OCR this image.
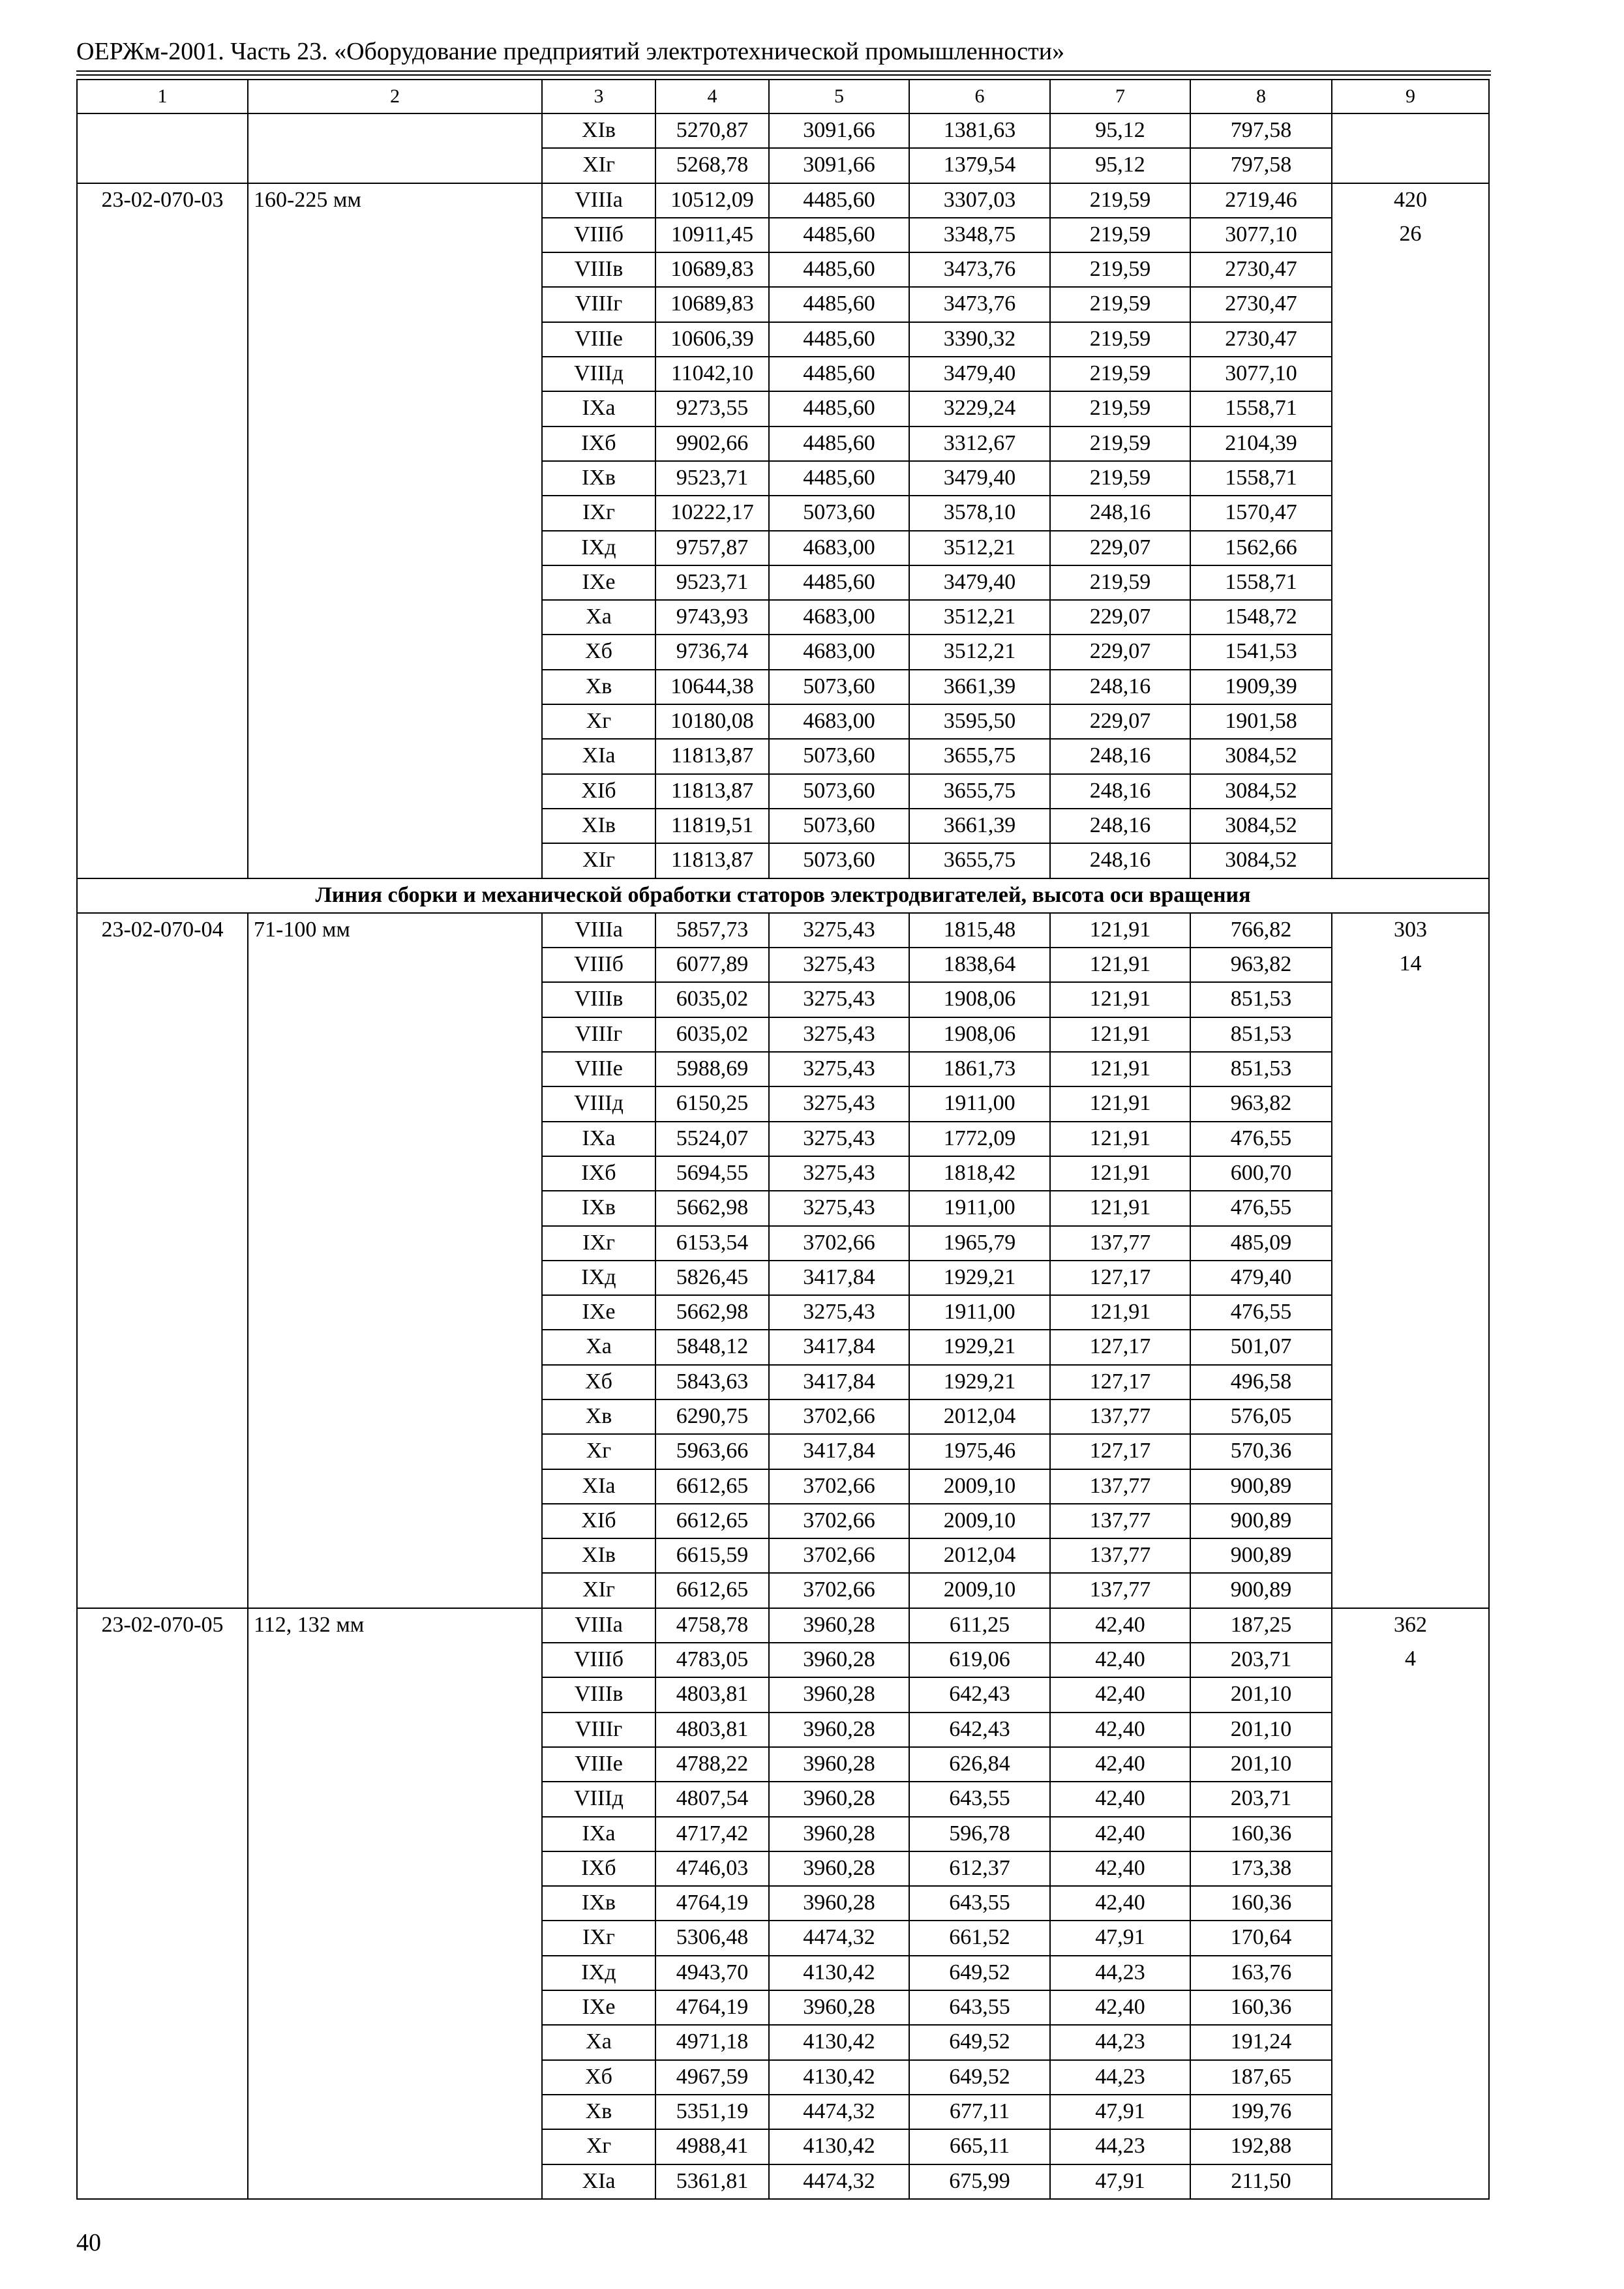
ОЕРЖм-2001. Часть 23. «Оборудование предприятий электротехнической промышленности»
1	2	3	4	5	6	7	8	9
		XIв	5270,87	3091,66	1381,63	95,12	797,58	
		XIг	5268,78	3091,66	1379,54	95,12	797,58	
23-02-070-03	160-225 мм	VIIIа	10512,09	4485,60	3307,03	219,59	2719,46	420
		VIIIб	10911,45	4485,60	3348,75	219,59	3077,10	26
		VIIIв	10689,83	4485,60	3473,76	219,59	2730,47	
		VIIIг	10689,83	4485,60	3473,76	219,59	2730,47	
		VIIIе	10606,39	4485,60	3390,32	219,59	2730,47	
		VIIIд	11042,10	4485,60	3479,40	219,59	3077,10	
		IXа	9273,55	4485,60	3229,24	219,59	1558,71	
		IXб	9902,66	4485,60	3312,67	219,59	2104,39	
		IXв	9523,71	4485,60	3479,40	219,59	1558,71	
		IXг	10222,17	5073,60	3578,10	248,16	1570,47	
		IXд	9757,87	4683,00	3512,21	229,07	1562,66	
		IXе	9523,71	4485,60	3479,40	219,59	1558,71	
		Xа	9743,93	4683,00	3512,21	229,07	1548,72	
		Xб	9736,74	4683,00	3512,21	229,07	1541,53	
		Xв	10644,38	5073,60	3661,39	248,16	1909,39	
		Xг	10180,08	4683,00	3595,50	229,07	1901,58	
		XIа	11813,87	5073,60	3655,75	248,16	3084,52	
		XIб	11813,87	5073,60	3655,75	248,16	3084,52	
		XIв	11819,51	5073,60	3661,39	248,16	3084,52	
		XIг	11813,87	5073,60	3655,75	248,16	3084,52	
Линия сборки и механической обработки статоров электродвигателей, высота оси вращения								
23-02-070-04	71-100 мм	VIIIа	5857,73	3275,43	1815,48	121,91	766,82	303
		VIIIб	6077,89	3275,43	1838,64	121,91	963,82	14
		VIIIв	6035,02	3275,43	1908,06	121,91	851,53	
		VIIIг	6035,02	3275,43	1908,06	121,91	851,53	
		VIIIе	5988,69	3275,43	1861,73	121,91	851,53	
		VIIIд	6150,25	3275,43	1911,00	121,91	963,82	
		IXа	5524,07	3275,43	1772,09	121,91	476,55	
		IXб	5694,55	3275,43	1818,42	121,91	600,70	
		IXв	5662,98	3275,43	1911,00	121,91	476,55	
		IXг	6153,54	3702,66	1965,79	137,77	485,09	
		IXд	5826,45	3417,84	1929,21	127,17	479,40	
		IXе	5662,98	3275,43	1911,00	121,91	476,55	
		Xа	5848,12	3417,84	1929,21	127,17	501,07	
		Xб	5843,63	3417,84	1929,21	127,17	496,58	
		Xв	6290,75	3702,66	2012,04	137,77	576,05	
		Xг	5963,66	3417,84	1975,46	127,17	570,36	
		XIа	6612,65	3702,66	2009,10	137,77	900,89	
		XIб	6612,65	3702,66	2009,10	137,77	900,89	
		XIв	6615,59	3702,66	2012,04	137,77	900,89	
		XIг	6612,65	3702,66	2009,10	137,77	900,89	
23-02-070-05	112, 132 мм	VIIIа	4758,78	3960,28	611,25	42,40	187,25	362
		VIIIб	4783,05	3960,28	619,06	42,40	203,71	4
		VIIIв	4803,81	3960,28	642,43	42,40	201,10	
		VIIIг	4803,81	3960,28	642,43	42,40	201,10	
		VIIIе	4788,22	3960,28	626,84	42,40	201,10	
		VIIIд	4807,54	3960,28	643,55	42,40	203,71	
		IXа	4717,42	3960,28	596,78	42,40	160,36	
		IXб	4746,03	3960,28	612,37	42,40	173,38	
		IXв	4764,19	3960,28	643,55	42,40	160,36	
		IXг	5306,48	4474,32	661,52	47,91	170,64	
		IXд	4943,70	4130,42	649,52	44,23	163,76	
		IXе	4764,19	3960,28	643,55	42,40	160,36	
		Xа	4971,18	4130,42	649,52	44,23	191,24	
		Xб	4967,59	4130,42	649,52	44,23	187,65	
		Xв	5351,19	4474,32	677,11	47,91	199,76	
		Xг	4988,41	4130,42	665,11	44,23	192,88	
		XIа	5361,81	4474,32	675,99	47,91	211,50	
40
